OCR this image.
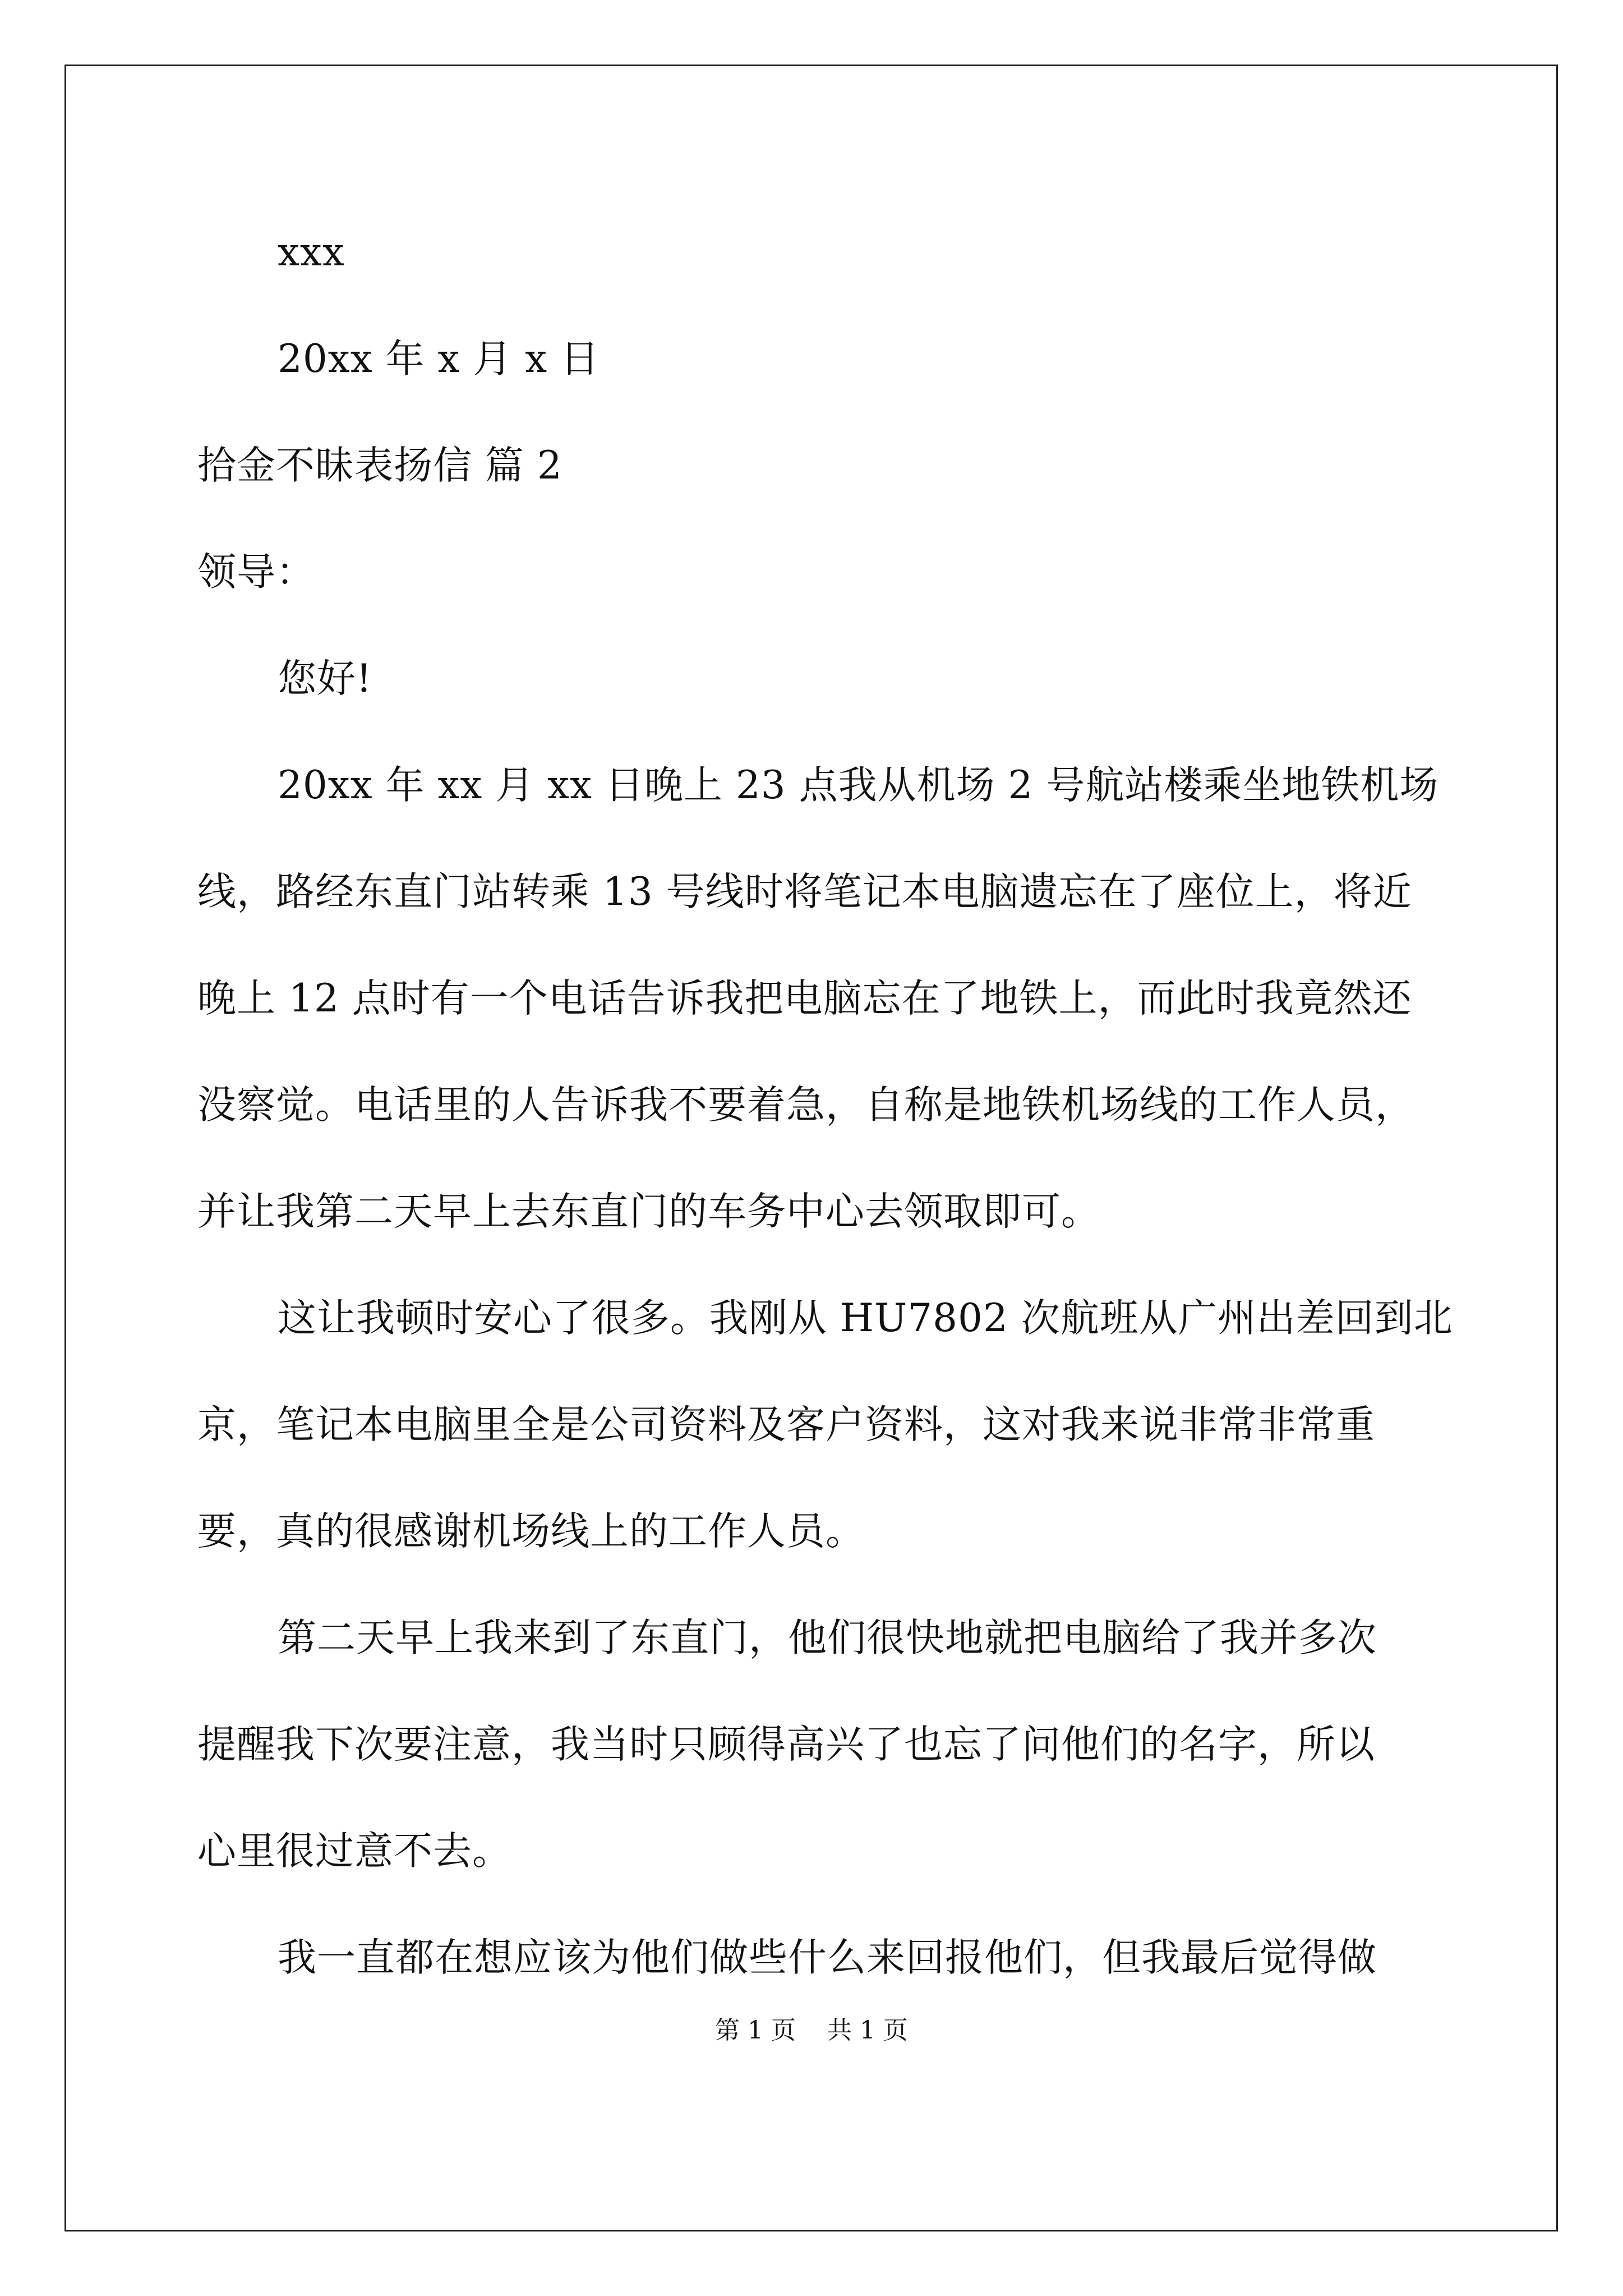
xxx
20xx 年 x 月 x 日
拾金不昧表扬信 篇 2
领导：
您好!
20xx 年 xx 月 xx 日晚上 23 点我从机场 2 号航站楼乘坐地铁机场
线，路经东直门站转乘 13 号线时将笔记本电脑遗忘在了座位上，将近
晚上 12 点时有一个电话告诉我把电脑忘在了地铁上，而此时我竟然还
没察觉。电话里的人告诉我不要着急，自称是地铁机场线的工作人员，
并让我第二天早上去东直门的车务中心去领取即可。
这让我顿时安心了很多。我刚从 HU7802 次航班从广州出差回到北
京，笔记本电脑里全是公司资料及客户资料，这对我来说非常非常重
要，真的很感谢机场线上的工作人员。
第二天早上我来到了东直门，他们很快地就把电脑给了我并多次
提醒我下次要注意，我当时只顾得高兴了也忘了问他们的名字，所以
心里很过意不去。
我一直都在想应该为他们做些什么来回报他们，但我最后觉得做
第 1 页    共 1 页
